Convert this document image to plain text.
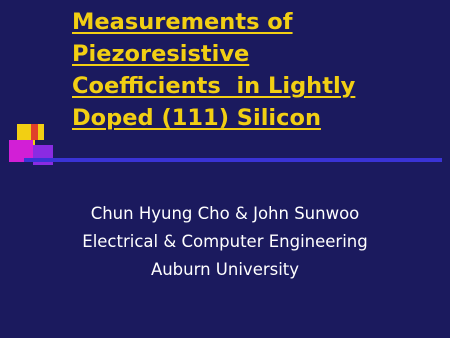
Measurements of
Piezoresistive
Coefficients  in Lightly
Doped (111) Silicon
Chun Hyung Cho & John Sunwoo
Electrical & Computer Engineering
Auburn University
